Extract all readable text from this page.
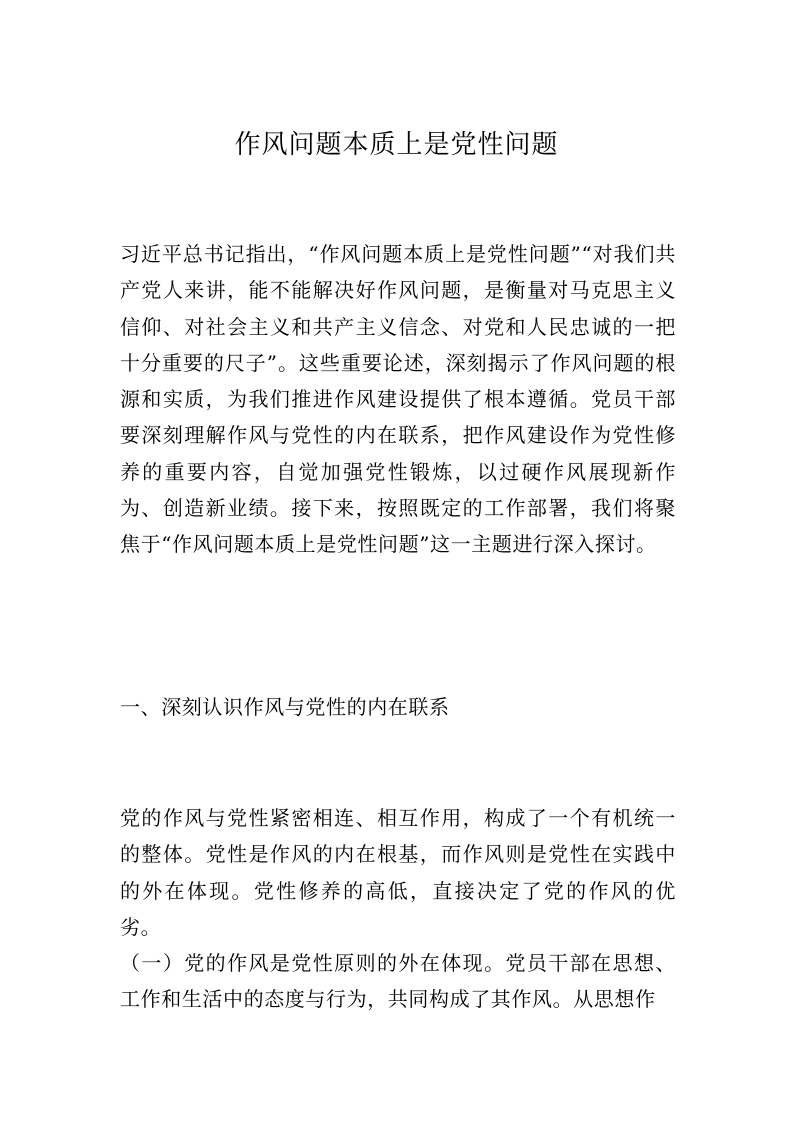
作风问题本质上是党性问题

习近平总书记指出，“作风问题本质上是党性问题”“对我们共产党人来讲，能不能解决好作风问题，是衡量对马克思主义信仰、对社会主义和共产主义信念、对党和人民忠诚的一把十分重要的尺子”。这些重要论述，深刻揭示了作风问题的根源和实质，为我们推进作风建设提供了根本遵循。党员干部要深刻理解作风与党性的内在联系，把作风建设作为党性修养的重要内容，自觉加强党性锻炼，以过硬作风展现新作为、创造新业绩。接下来，按照既定的工作部署，我们将聚焦于“作风问题本质上是党性问题”这一主题进行深入探讨。

一、深刻认识作风与党性的内在联系

党的作风与党性紧密相连、相互作用，构成了一个有机统一的整体。党性是作风的内在根基，而作风则是党性在实践中的外在体现。党性修养的高低，直接决定了党的作风的优劣。

（一）党的作风是党性原则的外在体现。党员干部在思想、工作和生活中的态度与行为，共同构成了其作风。从思想作
